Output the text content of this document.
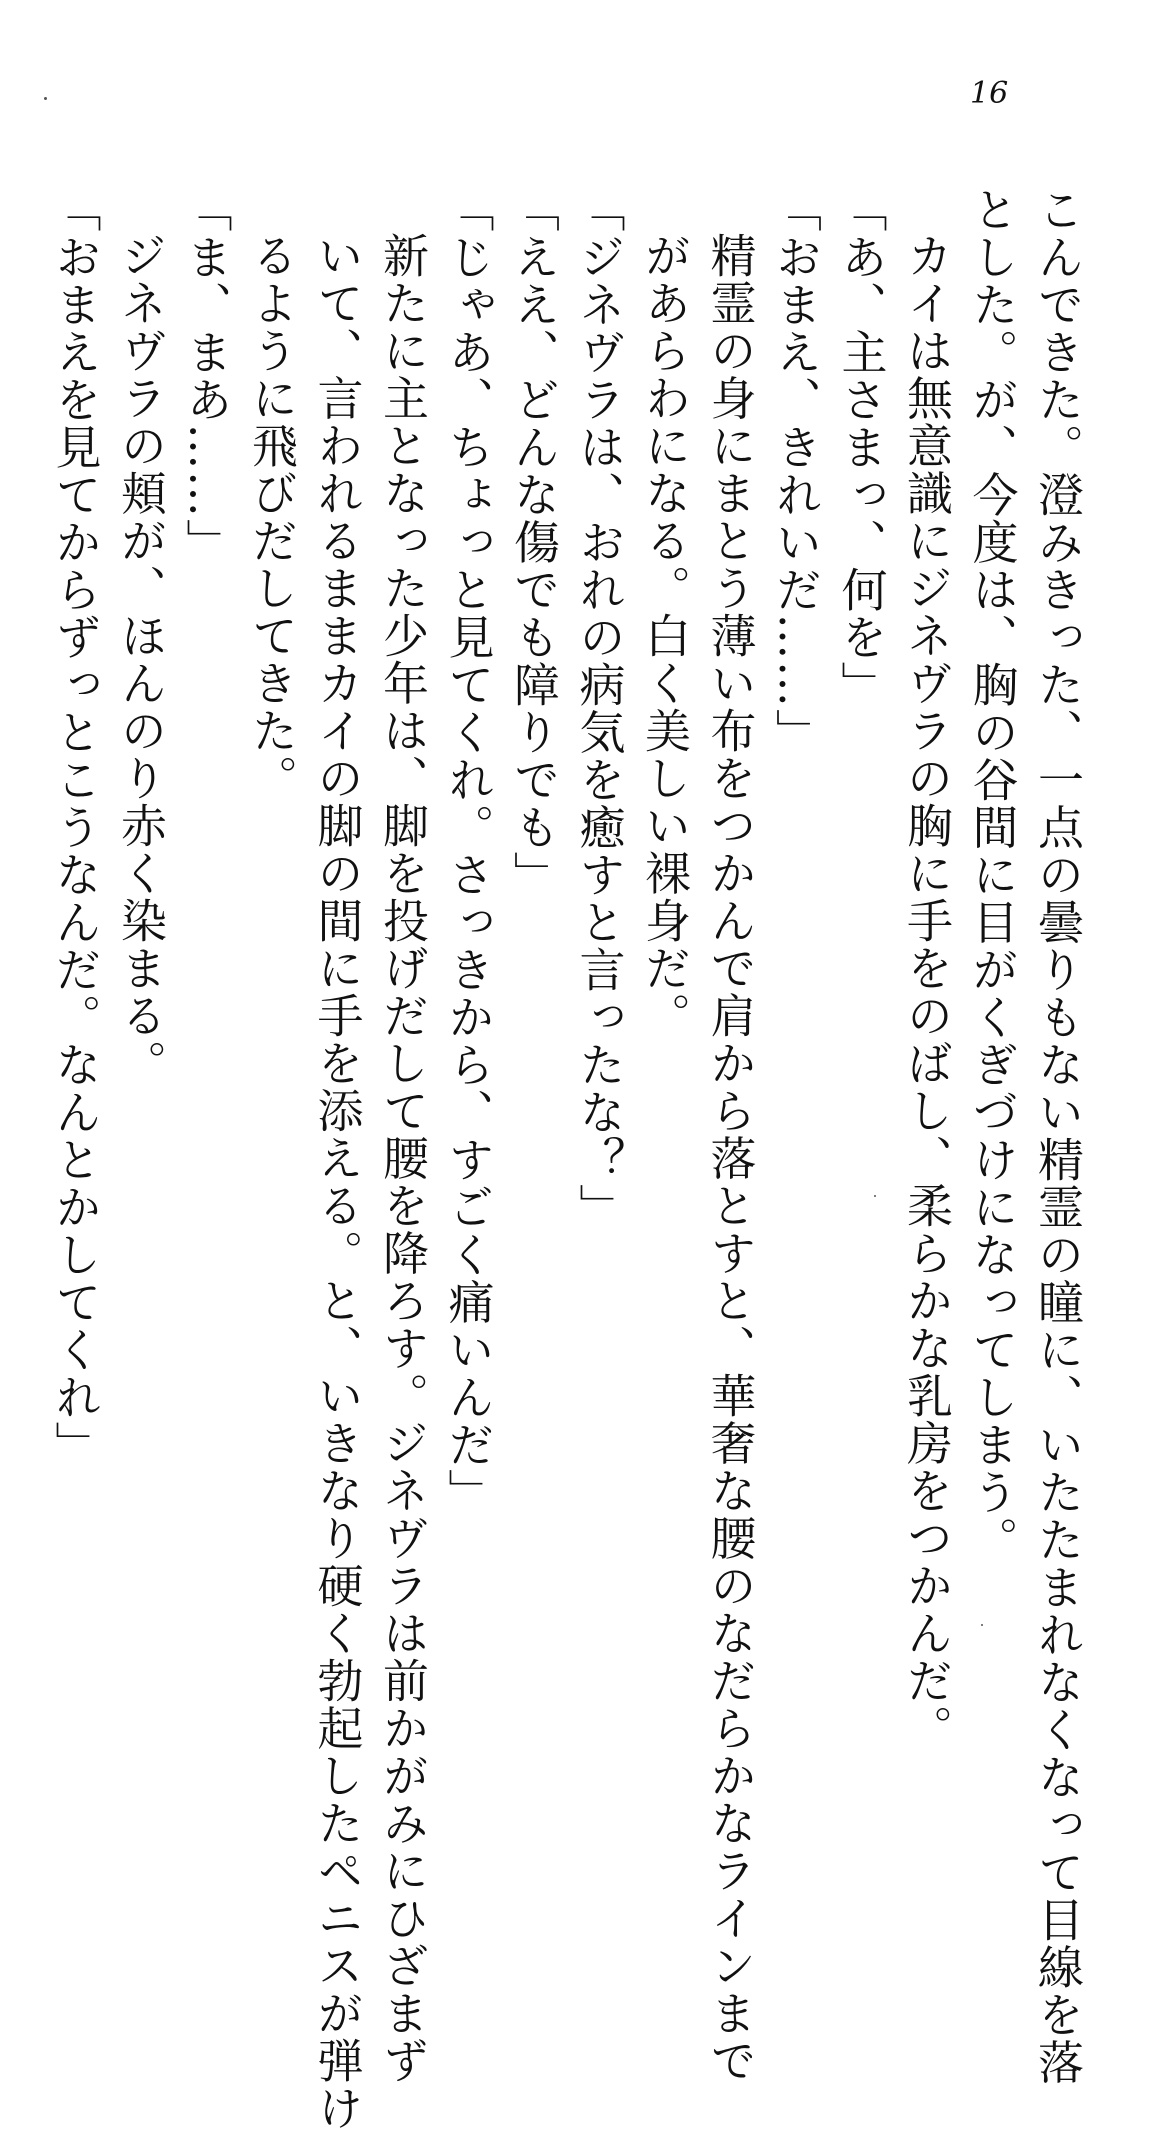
16
こんできた。澄みきった、一点の曇りもない精霊の瞳に、いたたまれなくなって目線を落
とした。が、今度は、胸の谷間に目がくぎづけになってしまう。
カイは無意識にジネヴラの胸に手をのばし、柔らかな乳房をつかんだ。
「あ、主さまっ、何を」
「おまえ、きれいだ……」
精霊の身にまとう薄い布をつかんで肩から落とすと、華奢な腰のなだらかなラインまで
があらわになる。白く美しい裸身だ。
「ジネヴラは、おれの病気を癒すと言ったな？」
「ええ、どんな傷でも障りでも」
「じゃあ、ちょっと見てくれ。さっきから、すごく痛いんだ」
新たに主となった少年は、脚を投げだして腰を降ろす。ジネヴラは前かがみにひざまず
いて、言われるままカイの脚の間に手を添える。と、いきなり硬く勃起したペニスが弾け
るように飛びだしてきた。
「ま、まあ……」
ジネヴラの頬が、ほんのり赤く染まる。
「おまえを見てからずっとこうなんだ。なんとかしてくれ」
